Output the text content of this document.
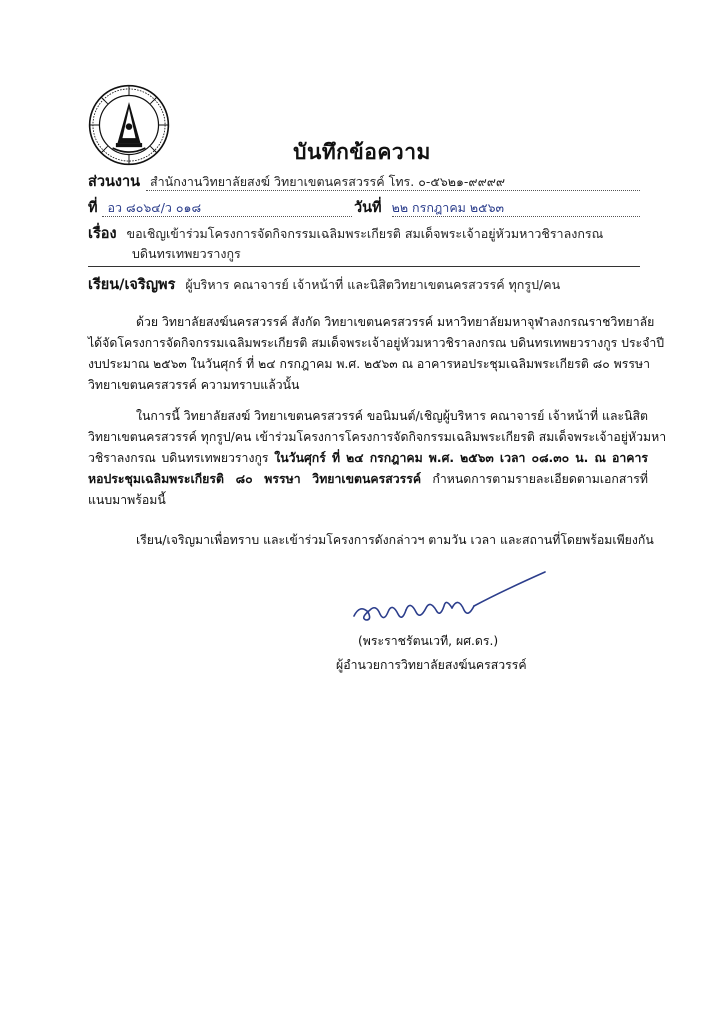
บันทึกข้อความ
ส่วนงาน สำนักงานวิทยาลัยสงฆ์ วิทยาเขตนครสวรรค์ โทร. ๐-๕๖๒๑-๙๙๙๙
ที่ อว ๘๐๖๔/ว ๐๑๘	วันที่ ๒๒ กรกฎาคม ๒๕๖๓
เรื่อง ขอเชิญเข้าร่วมโครงการจัดกิจกรรมเฉลิมพระเกียรติ สมเด็จพระเจ้าอยู่หัวมหาวชิราลงกรณ
บดินทรเทพยวรางกูร
เรียน/เจริญพร ผู้บริหาร คณาจารย์ เจ้าหน้าที่ และนิสิตวิทยาเขตนครสวรรค์ ทุกรูป/คน

ด้วย วิทยาลัยสงฆ์นครสวรรค์ สังกัด วิทยาเขตนครสวรรค์ มหาวิทยาลัยมหาจุฬาลงกรณราชวิทยาลัย

ได้จัดโครงการจัดกิจกรรมเฉลิมพระเกียรติ สมเด็จพระเจ้าอยู่หัวมหาวชิราลงกรณ บดินทรเทพยวรางกูร ประจำปี

งบประมาณ ๒๕๖๓ ในวันศุกร์ ที่ ๒๔ กรกฎาคม พ.ศ. ๒๕๖๓ ณ อาคารหอประชุมเฉลิมพระเกียรติ ๘๐ พรรษา

วิทยาเขตนครสวรรค์ ความทราบแล้วนั้น

ในการนี้ วิทยาลัยสงฆ์ วิทยาเขตนครสวรรค์ ขอนิมนต์/เชิญผู้บริหาร คณาจารย์ เจ้าหน้าที่ และนิสิต

วิทยาเขตนครสวรรค์ ทุกรูป/คน เข้าร่วมโครงการโครงการจัดกิจกรรมเฉลิมพระเกียรติ สมเด็จพระเจ้าอยู่หัวมหา

วชิราลงกรณ บดินทรเทพยวรางกูร ในวันศุกร์ ที่ ๒๔ กรกฎาคม พ.ศ. ๒๕๖๓ เวลา ๐๘.๓๐ น. ณ อาคาร

หอประชุมเฉลิมพระเกียรติ ๘๐ พรรษา วิทยาเขตนครสวรรค์ กำหนดการตามรายละเอียดตามเอกสารที่

แนบมาพร้อมนี้

เรียน/เจริญมาเพื่อทราบ และเข้าร่วมโครงการดังกล่าวฯ ตามวัน เวลา และสถานที่โดยพร้อมเพียงกัน

(พระราชรัตนเวที, ผศ.ดร.)
ผู้อำนวยการวิทยาลัยสงฆ์นครสวรรค์
